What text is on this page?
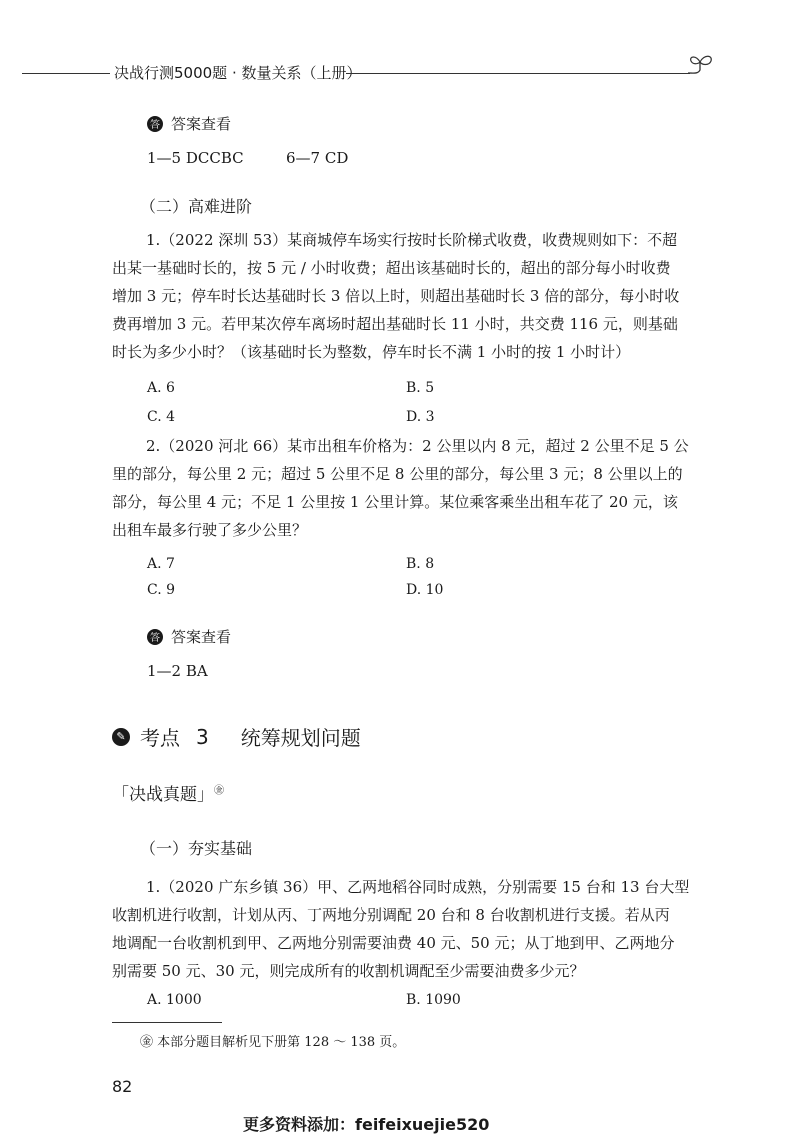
决战行测5000题 · 数量关系（上册）
答 答案查看
1—5 DCCBC	6—7 CD
（二）高难进阶

1.（2022 深圳 53）某商城停车场实行按时长阶梯式收费，收费规则如下：不超

出某一基础时长的，按 5 元 / 小时收费；超出该基础时长的，超出的部分每小时收费

增加 3 元；停车时长达基础时长 3 倍以上时，则超出基础时长 3 倍的部分，每小时收

费再增加 3 元。若甲某次停车离场时超出基础时长 11 小时，共交费 116 元，则基础

时长为多少小时？（该基础时长为整数，停车时长不满 1 小时的按 1 小时计）

A. 6	B. 5
C. 4	D. 3

2.（2020 河北 66）某市出租车价格为：2 公里以内 8 元，超过 2 公里不足 5 公

里的部分，每公里 2 元；超过 5 公里不足 8 公里的部分，每公里 3 元；8 公里以上的

部分，每公里 4 元；不足 1 公里按 1 公里计算。某位乘客乘坐出租车花了 20 元，该

出租车最多行驶了多少公里？

A. 7	B. 8
C. 9	D. 10
答 答案查看
1—2 BA
✎ 考点 3 统筹规划问题
「决战真题」㊎
（一）夯实基础

1.（2020 广东乡镇 36）甲、乙两地稻谷同时成熟，分别需要 15 台和 13 台大型

收割机进行收割，计划从丙、丁两地分别调配 20 台和 8 台收割机进行支援。若从丙

地调配一台收割机到甲、乙两地分别需要油费 40 元、50 元；从丁地到甲、乙两地分

别需要 50 元、30 元，则完成所有的收割机调配至少需要油费多少元？

A. 1000	B. 1090
㊎ 本部分题目解析见下册第 128 ～ 138 页。
82
更多资料添加：feifeixuejie520
